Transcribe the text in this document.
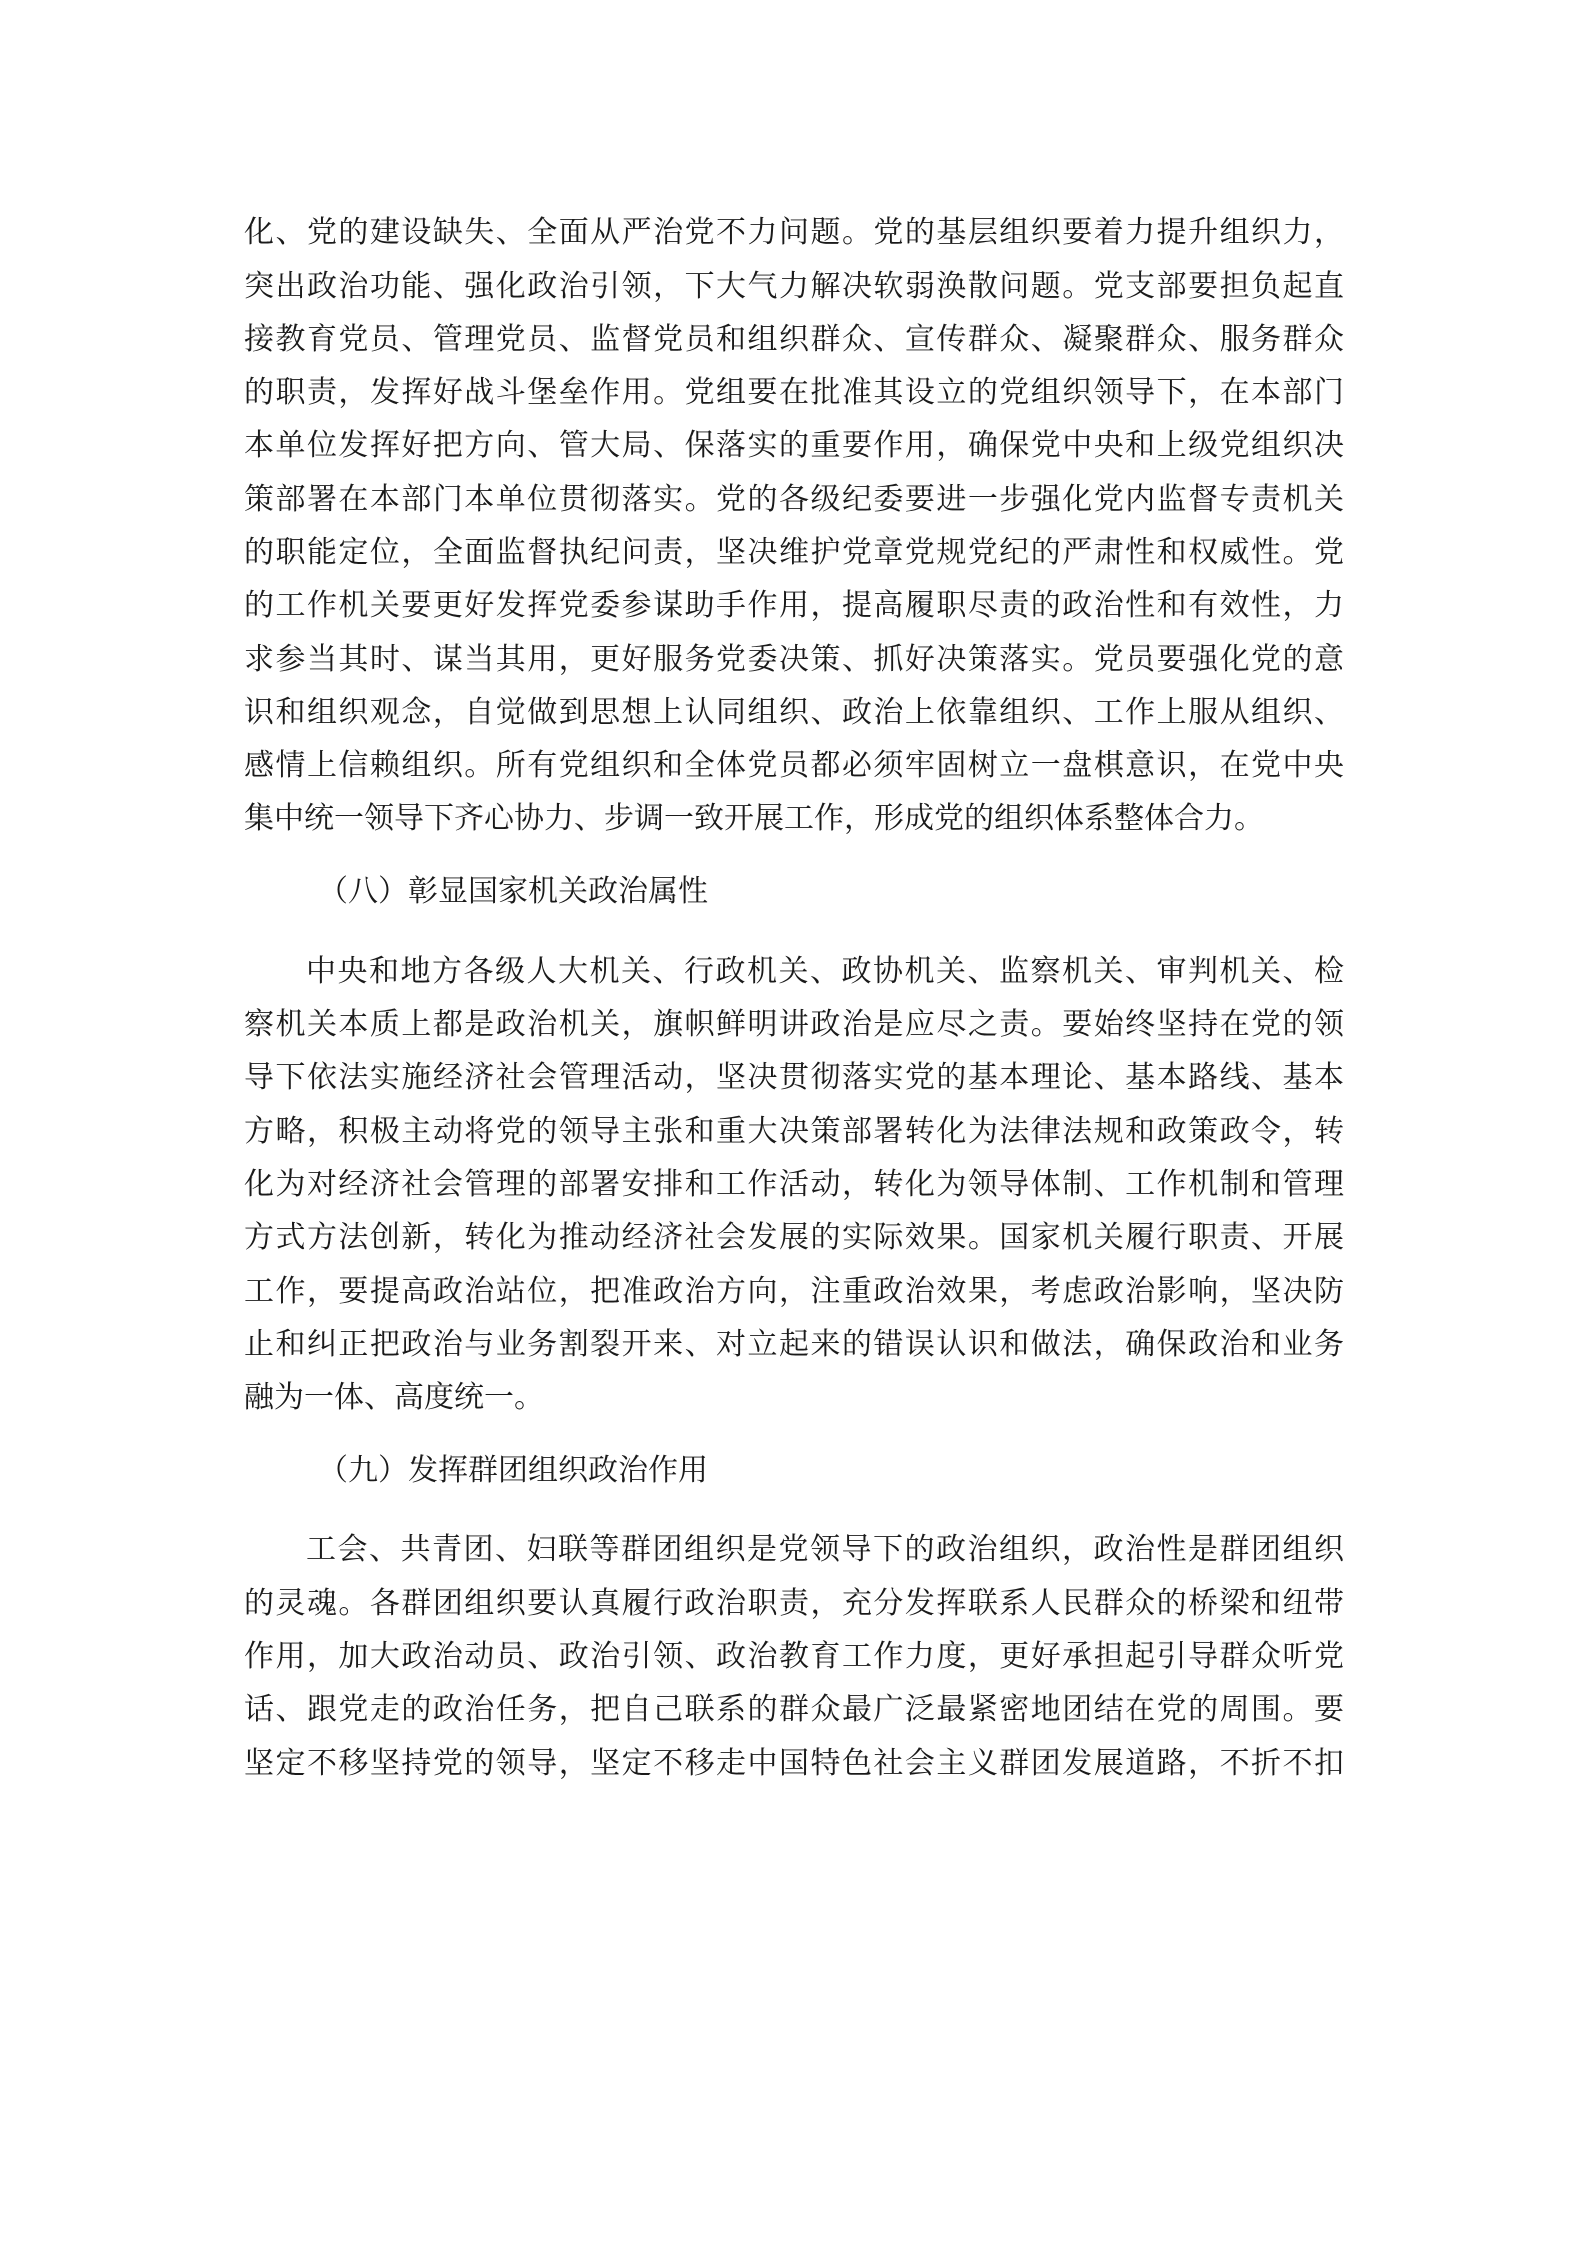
化、党的建设缺失、全面从严治党不力问题。党的基层组织要着力提升组织力，
突出政治功能、强化政治引领，下大气力解决软弱涣散问题。党支部要担负起直
接教育党员、管理党员、监督党员和组织群众、宣传群众、凝聚群众、服务群众
的职责，发挥好战斗堡垒作用。党组要在批准其设立的党组织领导下，在本部门
本单位发挥好把方向、管大局、保落实的重要作用，确保党中央和上级党组织决
策部署在本部门本单位贯彻落实。党的各级纪委要进一步强化党内监督专责机关
的职能定位，全面监督执纪问责，坚决维护党章党规党纪的严肃性和权威性。党
的工作机关要更好发挥党委参谋助手作用，提高履职尽责的政治性和有效性，力
求参当其时、谋当其用，更好服务党委决策、抓好决策落实。党员要强化党的意
识和组织观念，自觉做到思想上认同组织、政治上依靠组织、工作上服从组织、
感情上信赖组织。所有党组织和全体党员都必须牢固树立一盘棋意识，在党中央
集中统一领导下齐心协力、步调一致开展工作，形成党的组织体系整体合力。
（八）彰显国家机关政治属性
中央和地方各级人大机关、行政机关、政协机关、监察机关、审判机关、检
察机关本质上都是政治机关，旗帜鲜明讲政治是应尽之责。要始终坚持在党的领
导下依法实施经济社会管理活动，坚决贯彻落实党的基本理论、基本路线、基本
方略，积极主动将党的领导主张和重大决策部署转化为法律法规和政策政令，转
化为对经济社会管理的部署安排和工作活动，转化为领导体制、工作机制和管理
方式方法创新，转化为推动经济社会发展的实际效果。国家机关履行职责、开展
工作，要提高政治站位，把准政治方向，注重政治效果，考虑政治影响，坚决防
止和纠正把政治与业务割裂开来、对立起来的错误认识和做法，确保政治和业务
融为一体、高度统一。
（九）发挥群团组织政治作用
工会、共青团、妇联等群团组织是党领导下的政治组织，政治性是群团组织
的灵魂。各群团组织要认真履行政治职责，充分发挥联系人民群众的桥梁和纽带
作用，加大政治动员、政治引领、政治教育工作力度，更好承担起引导群众听党
话、跟党走的政治任务，把自己联系的群众最广泛最紧密地团结在党的周围。要
坚定不移坚持党的领导，坚定不移走中国特色社会主义群团发展道路，不折不扣
